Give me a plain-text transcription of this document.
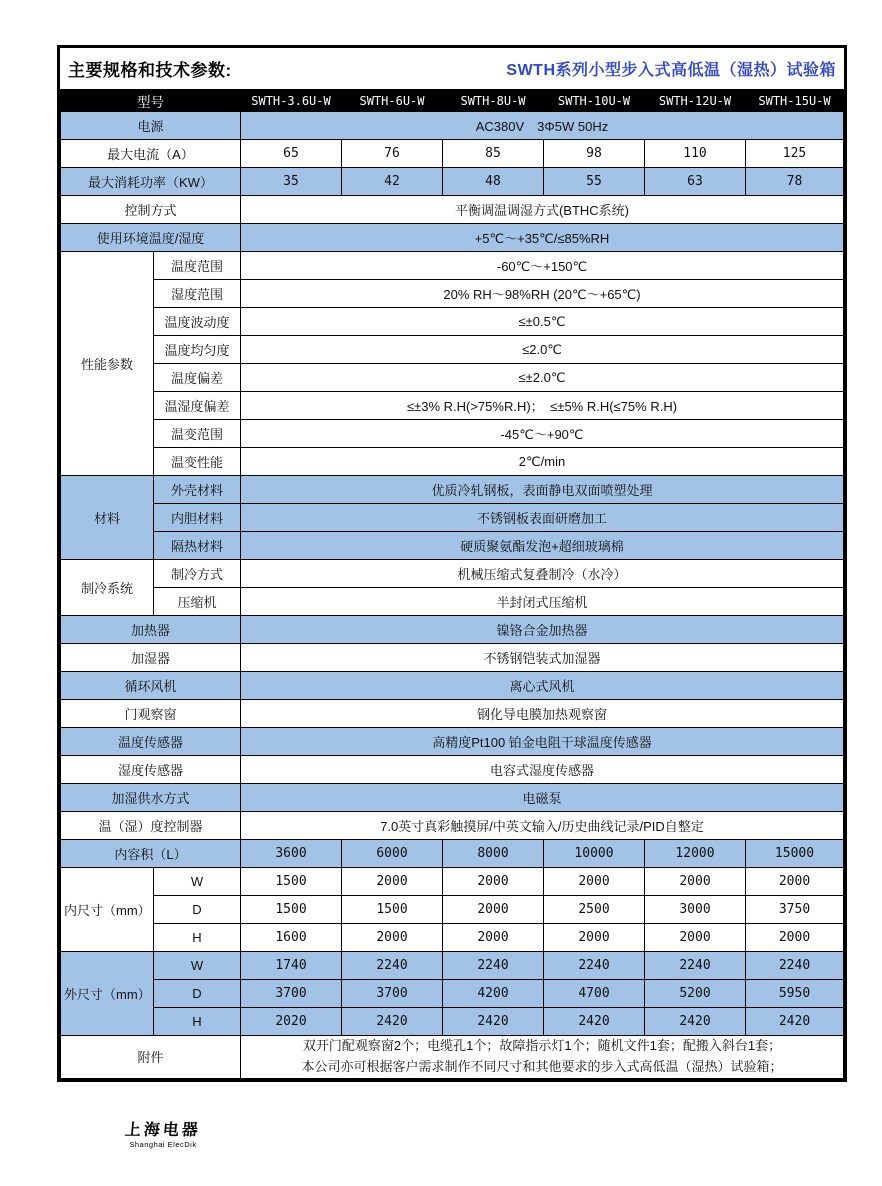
主要规格和技术参数:	SWTH系列小型步入式高低温（湿热）试验箱
型号		SWTH-3.6U-W	SWTH-6U-W	SWTH-8U-W	SWTH-10U-W	SWTH-12U-W	SWTH-15U-W
电源		AC380V　3Φ5W 50Hz					
最大电流（A）		65	76	85	98	110	125
最大消耗功率（KW）		35	42	48	55	63	78
控制方式		平衡调温调湿方式(BTHC系统)					
使用环境温度/湿度		+5℃～+35℃/≤85%RH					
性能参数	温度范围	-60℃～+150℃					
	湿度范围	20% RH～98%RH (20℃～+65℃)					
	温度波动度	≤±0.5℃					
	温度均匀度	≤2.0℃					
	温度偏差	≤±2.0℃					
	温湿度偏差	≤±3% R.H(>75%R.H)；　≤±5% R.H(≤75% R.H)					
	温变范围	-45℃～+90℃					
	温变性能	2℃/min					
材料	外壳材料	优质冷轧钢板，表面静电双面喷塑处理					
	内胆材料	不锈钢板表面研磨加工					
	隔热材料	硬质聚氨酯发泡+超细玻璃棉					
制冷系统	制冷方式	机械压缩式复叠制冷（水冷）					
	压缩机	半封闭式压缩机					
加热器		镍铬合金加热器					
加湿器		不锈钢铠装式加湿器					
循环风机		离心式风机					
门观察窗		钢化导电膜加热观察窗					
温度传感器		高精度Pt100 铂金电阻干球温度传感器					
湿度传感器		电容式湿度传感器					
加湿供水方式		电磁泵					
温（湿）度控制器		7.0英寸真彩触摸屏/中英文输入/历史曲线记录/PID自整定					
内容积（L）		3600	6000	8000	10000	12000	15000
内尺寸（mm）	W	1500	2000	2000	2000	2000	2000
	D	1500	1500	2000	2500	3000	3750
	H	1600	2000	2000	2000	2000	2000
外尺寸（mm）	W	1740	2240	2240	2240	2240	2240
	D	3700	3700	4200	4700	5200	5950
	H	2020	2420	2420	2420	2420	2420
附件		双开门配观察窗2个；电缆孔1个；故障指示灯1个；随机文件1套；配搬入斜台1套；
本公司亦可根据客户需求制作不同尺寸和其他要求的步入式高低温（湿热）试验箱；					
上海电器
Shanghai ElecDik
